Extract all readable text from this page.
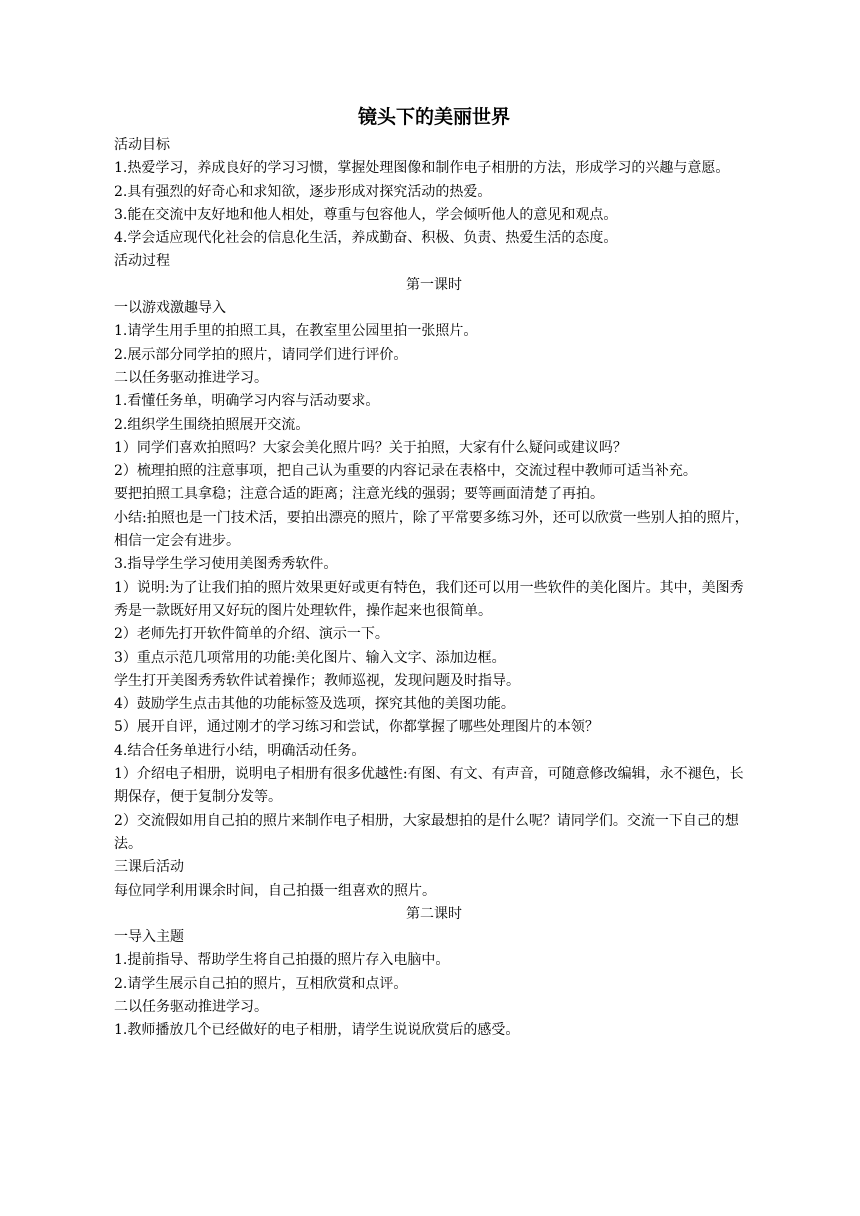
镜头下的美丽世界

活动目标

1.热爱学习，养成良好的学习习惯，掌握处理图像和制作电子相册的方法，形成学习的兴趣与意愿。

2.具有强烈的好奇心和求知欲，逐步形成对探究活动的热爱。

3.能在交流中友好地和他人相处，尊重与包容他人，学会倾听他人的意见和观点。

4.学会适应现代化社会的信息化生活，养成勤奋、积极、负责、热爱生活的态度。

活动过程

第一课时

一以游戏激趣导入

1.请学生用手里的拍照工具，在教室里公园里拍一张照片。

2.展示部分同学拍的照片，请同学们进行评价。

二以任务驱动推进学习。

1.看懂任务单，明确学习内容与活动要求。

2.组织学生围绕拍照展开交流。

1）同学们喜欢拍照吗？大家会美化照片吗？关于拍照，大家有什么疑问或建议吗？

2）梳理拍照的注意事项，把自己认为重要的内容记录在表格中，交流过程中教师可适当补充。

要把拍照工具拿稳；注意合适的距离；注意光线的强弱；要等画面清楚了再拍。

小结:拍照也是一门技术活，要拍出漂亮的照片，除了平常要多练习外，还可以欣赏一些别人拍的照片，相信一定会有进步。

3.指导学生学习使用美图秀秀软件。

1）说明:为了让我们拍的照片效果更好或更有特色，我们还可以用一些软件的美化图片。其中，美图秀秀是一款既好用又好玩的图片处理软件，操作起来也很简单。

2）老师先打开软件简单的介绍、演示一下。

3）重点示范几项常用的功能:美化图片、输入文字、添加边框。

学生打开美图秀秀软件试着操作；教师巡视，发现问题及时指导。

4）鼓励学生点击其他的功能标签及选项，探究其他的美图功能。

5）展开自评，通过刚才的学习练习和尝试，你都掌握了哪些处理图片的本领？

4.结合任务单进行小结，明确活动任务。

1）介绍电子相册，说明电子相册有很多优越性:有图、有文、有声音，可随意修改编辑，永不褪色，长期保存，便于复制分发等。

2）交流假如用自己拍的照片来制作电子相册，大家最想拍的是什么呢？请同学们。交流一下自己的想法。

三课后活动

每位同学利用课余时间，自己拍摄一组喜欢的照片。

第二课时

一导入主题

1.提前指导、帮助学生将自己拍摄的照片存入电脑中。

2.请学生展示自己拍的照片，互相欣赏和点评。

二以任务驱动推进学习。

1.教师播放几个已经做好的电子相册，请学生说说欣赏后的感受。
